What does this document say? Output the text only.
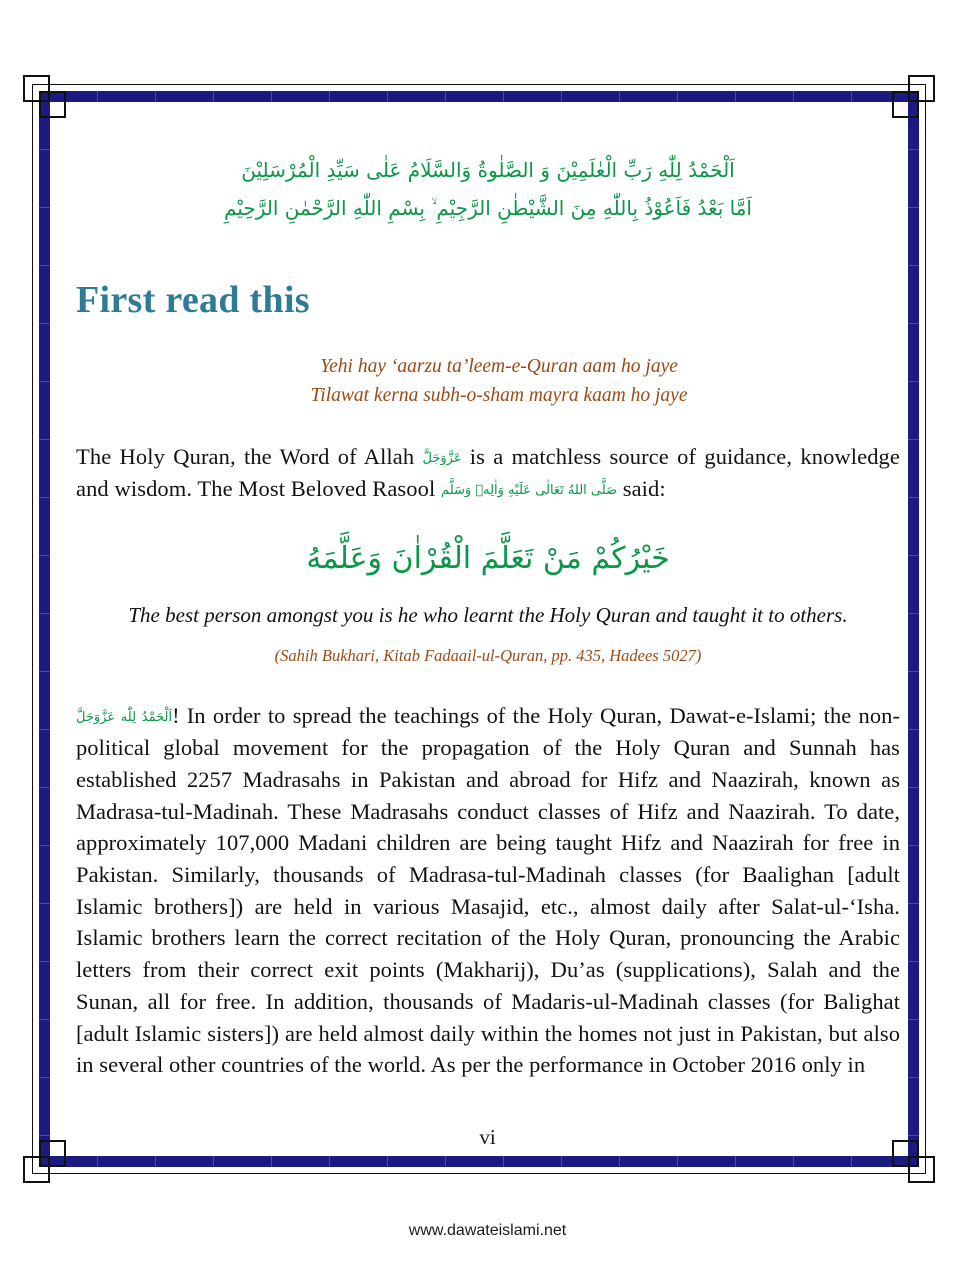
اَلْحَمْدُ لِلّٰهِ رَبِّ الْعٰلَمِيْنَ وَ الصَّلٰوةُ وَالسَّلَامُ عَلٰى سَيِّدِ الْمُرْسَلِيْنَ
اَمَّا بَعْدُ فَاَعُوْذُ بِاللّٰهِ مِنَ الشَّيْطٰنِ الرَّجِيْمِ ۙ بِسْمِ اللّٰهِ الرَّحْمٰنِ الرَّحِيْمِ
First read this
Yehi hay ‘aarzu ta’leem-e-Quran aam ho jaye
Tilawat kerna subh-o-sham mayra kaam ho jaye

The Holy Quran, the Word of Allah عَزَّوَجَلَّ is a matchless source of guidance, knowledge and wisdom. The Most Beloved Rasool صَلَّى اللهُ تَعَالٰى عَلَيْهِ وَاٰلِهٖ وَسَلَّم said:

خَيْرُكُمْ مَنْ تَعَلَّمَ الْقُرْاٰنَ وَعَلَّمَهُ
The best person amongst you is he who learnt the Holy Quran and taught it to others.
(Sahih Bukhari, Kitab Fadaail-ul-Quran, pp. 435, Hadees 5027)

اَلْحَمْدُ لِلّٰه عَزَّوَجَلَّ! In order to spread the teachings of the Holy Quran, Dawat-e-Islami; the non-political global movement for the propagation of the Holy Quran and Sunnah has established 2257 Madrasahs in Pakistan and abroad for Hifz and Naazirah, known as Madrasa-tul-Madinah. These Madrasahs conduct classes of Hifz and Naazirah. To date, approximately 107,000 Madani children are being taught Hifz and Naazirah for free in Pakistan. Similarly, thousands of Madrasa-tul-Madinah classes (for Baalighan [adult Islamic brothers]) are held in various Masajid, etc., almost daily after Salat-ul-‘Isha. Islamic brothers learn the correct recitation of the Holy Quran, pronouncing the Arabic letters from their correct exit points (Makharij), Du’as (supplications), Salah and the Sunan, all for free. In addition, thousands of Madaris-ul-Madinah classes (for Balighat [adult Islamic sisters]) are held almost daily within the homes not just in Pakistan, but also in several other countries of the world. As per the performance in October 2016 only in

vi
www.dawateislami.net
